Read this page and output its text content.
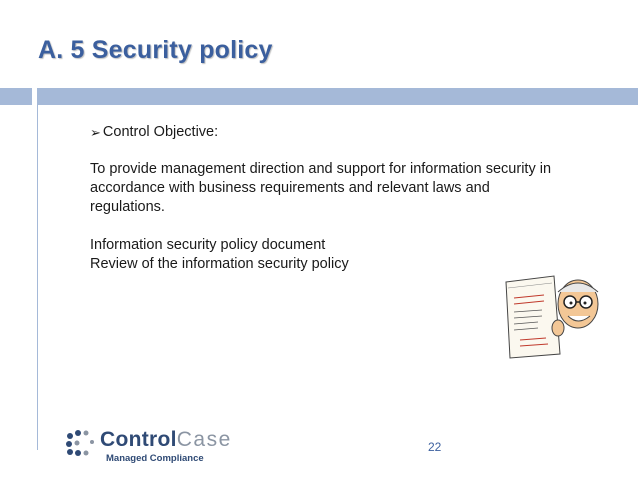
A. 5 Security policy

➢ Control Objective:

To provide management direction and support for information security in accordance with business requirements and relevant laws and regulations.

Information security policy document

Review of the information security policy

ControlCase
Managed Compliance
22
